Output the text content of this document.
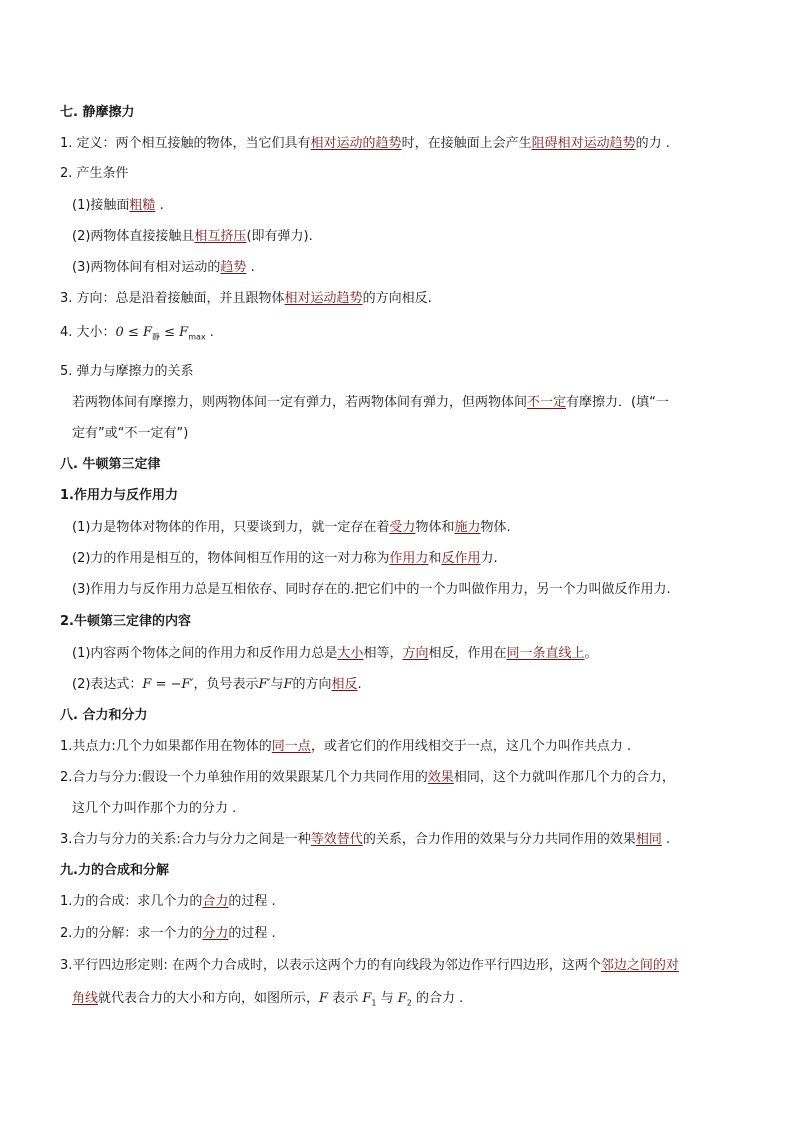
七. 静摩擦力
1. 定义：两个相互接触的物体，当它们具有相对运动的趋势时，在接触面上会产生阻碍相对运动趋势的力 .
2. 产生条件
(1)接触面粗糙 .
(2)两物体直接接触且相互挤压(即有弹力).
(3)两物体间有相对运动的趋势 .
3. 方向：总是沿着接触面，并且跟物体相对运动趋势的方向相反.
4. 大小：$0 \le F_静 \le F_{max}$ .
5. 弹力与摩擦力的关系
若两物体间有摩擦力，则两物体间一定有弹力，若两物体间有弹力，但两物体间不一定有摩擦力．(填“一
定有”或“不一定有”)
八. 牛顿第三定律
1.作用力与反作用力
(1)力是物体对物体的作用，只要谈到力，就一定存在着受力物体和施力物体.
(2)力的作用是相互的，物体间相互作用的这一对力称为作用力和反作用力.
(3)作用力与反作用力总是互相依存、同时存在的.把它们中的一个力叫做作用力，另一个力叫做反作用力.
2.牛顿第三定律的内容
(1)内容两个物体之间的作用力和反作用力总是大小相等，方向相反，作用在同一条直线上。
(2)表达式：F = −F′，负号表示F′与F的方向相反.
八. 合力和分力
1.共点力:几个力如果都作用在物体的同一点，或者它们的作用线相交于一点，这几个力叫作共点力 .
2.合力与分力:假设一个力单独作用的效果跟某几个力共同作用的效果相同，这个力就叫作那几个力的合力，
这几个力叫作那个力的分力 .
3.合力与分力的关系:合力与分力之间是一种等效替代的关系，合力作用的效果与分力共同作用的效果相同 .
九.力的合成和分解
1.力的合成：求几个力的合力的过程 .
2.力的分解：求一个力的分力的过程 .
3.平行四边形定则: 在两个力合成时，以表示这两个力的有向线段为邻边作平行四边形，这两个邻边之间的对
角线就代表合力的大小和方向，如图所示，F 表示 $F_1$ 与 $F_2$ 的合力 .
